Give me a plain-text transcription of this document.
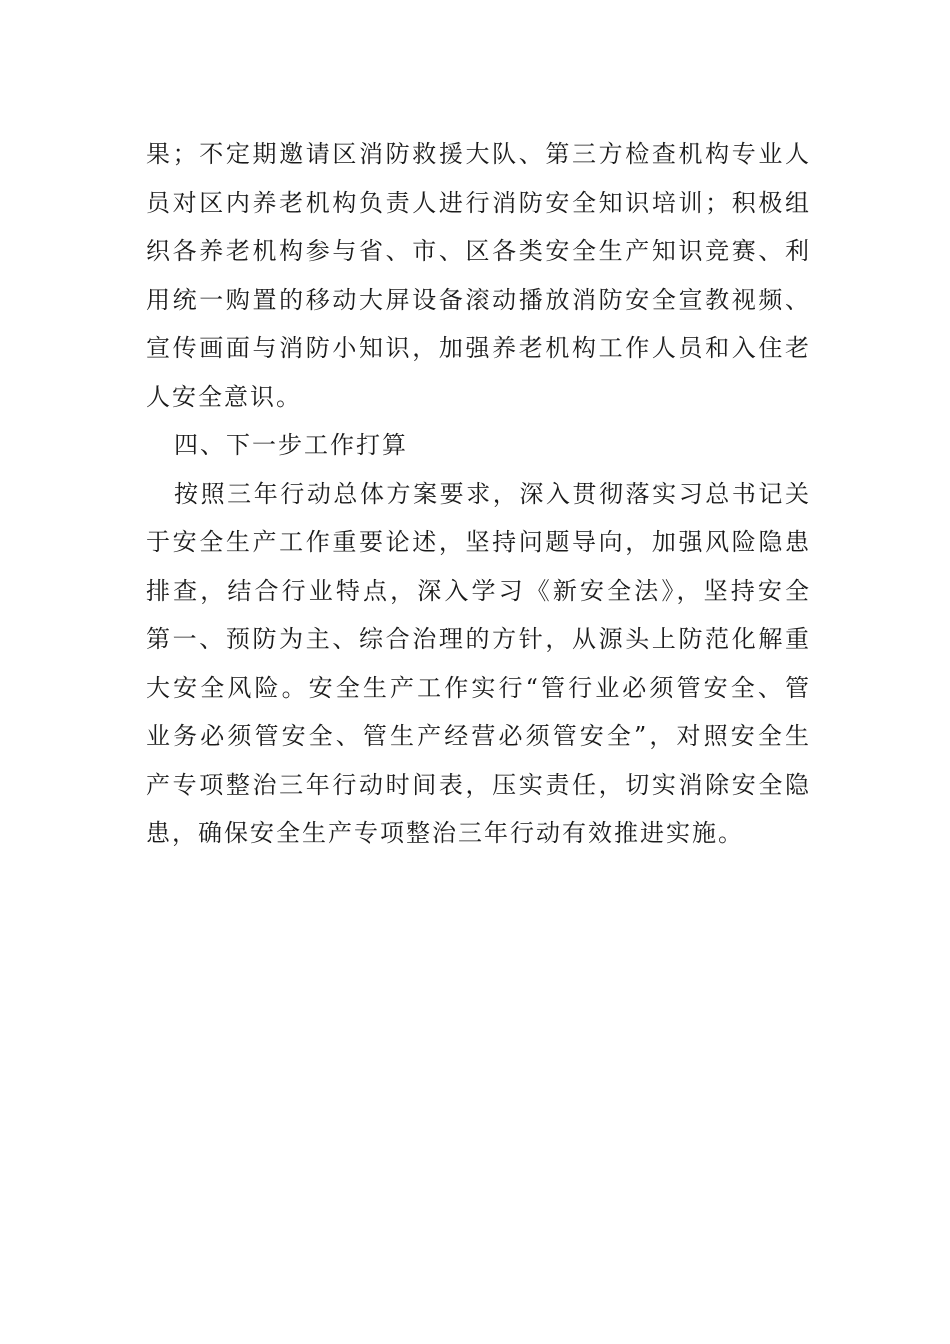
果；不定期邀请区消防救援大队、第三方检查机构专业人
员对区内养老机构负责人进行消防安全知识培训；积极组
织各养老机构参与省、市、区各类安全生产知识竞赛、利
用统一购置的移动大屏设备滚动播放消防安全宣教视频、
宣传画面与消防小知识，加强养老机构工作人员和入住老
人安全意识。
四、下一步工作打算
按照三年行动总体方案要求，深入贯彻落实习总书记关
于安全生产工作重要论述，坚持问题导向，加强风险隐患
排查，结合行业特点，深入学习《新安全法》，坚持安全
第一、预防为主、综合治理的方针，从源头上防范化解重
大安全风险。安全生产工作实行“管行业必须管安全、管
业务必须管安全、管生产经营必须管安全”，对照安全生
产专项整治三年行动时间表，压实责任，切实消除安全隐
患，确保安全生产专项整治三年行动有效推进实施。
